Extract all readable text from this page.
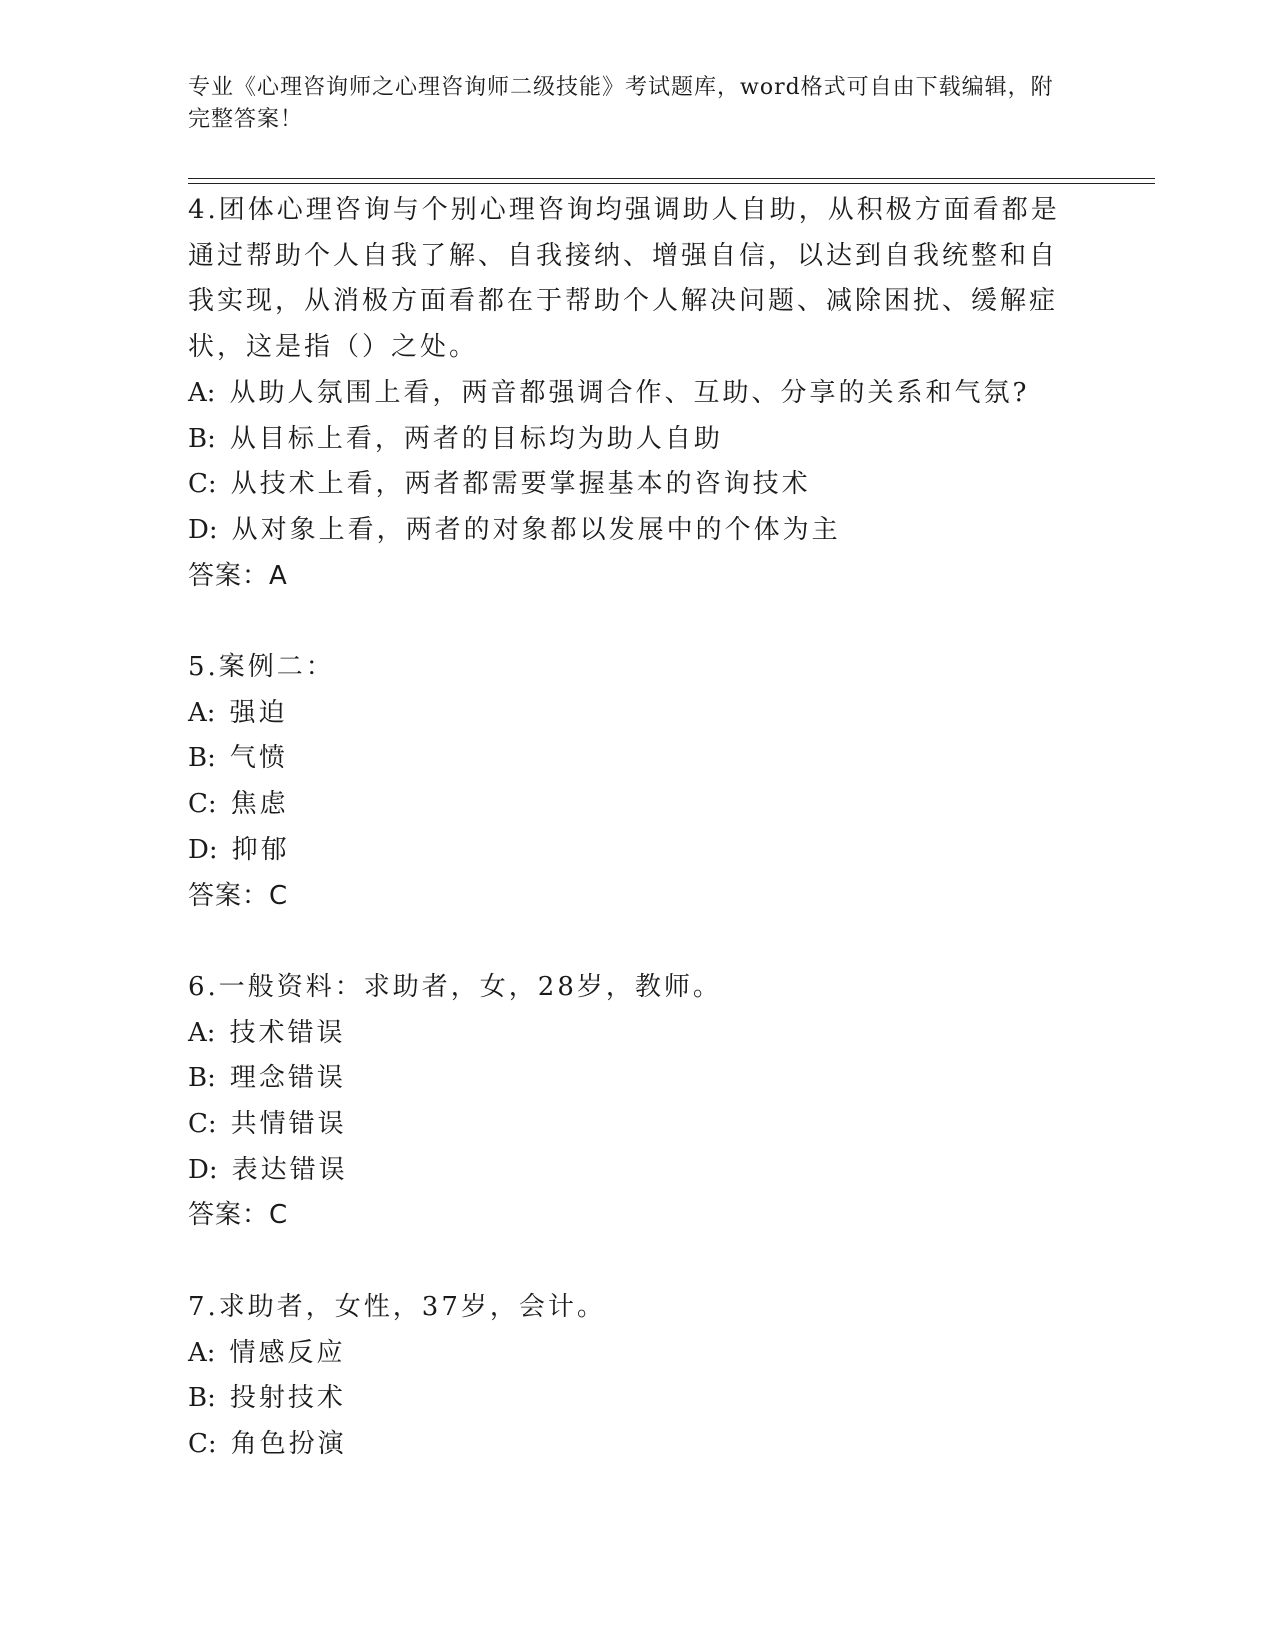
专业《心理咨询师之心理咨询师二级技能》考试题库，word格式可自由下载编辑，附完整答案！
4.团体心理咨询与个别心理咨询均强调助人自助，从积极方面看都是通过帮助个人自我了解、自我接纳、增强自信，以达到自我统整和自我实现，从消极方面看都在于帮助个人解决问题、减除困扰、缓解症状，这是指（）之处。
A: 从助人氛围上看，两音都强调合作、互助、分享的关系和气氛?
B: 从目标上看，两者的目标均为助人自助
C: 从技术上看，两者都需要掌握基本的咨询技术
D: 从对象上看，两者的对象都以发展中的个体为主
答案：A
5.案例二：
A: 强迫
B: 气愤
C: 焦虑
D: 抑郁
答案：C
6.一般资料：求助者，女，28岁，教师。
A: 技术错误
B: 理念错误
C: 共情错误
D: 表达错误
答案：C
7.求助者，女性，37岁，会计。
A: 情感反应
B: 投射技术
C: 角色扮演
